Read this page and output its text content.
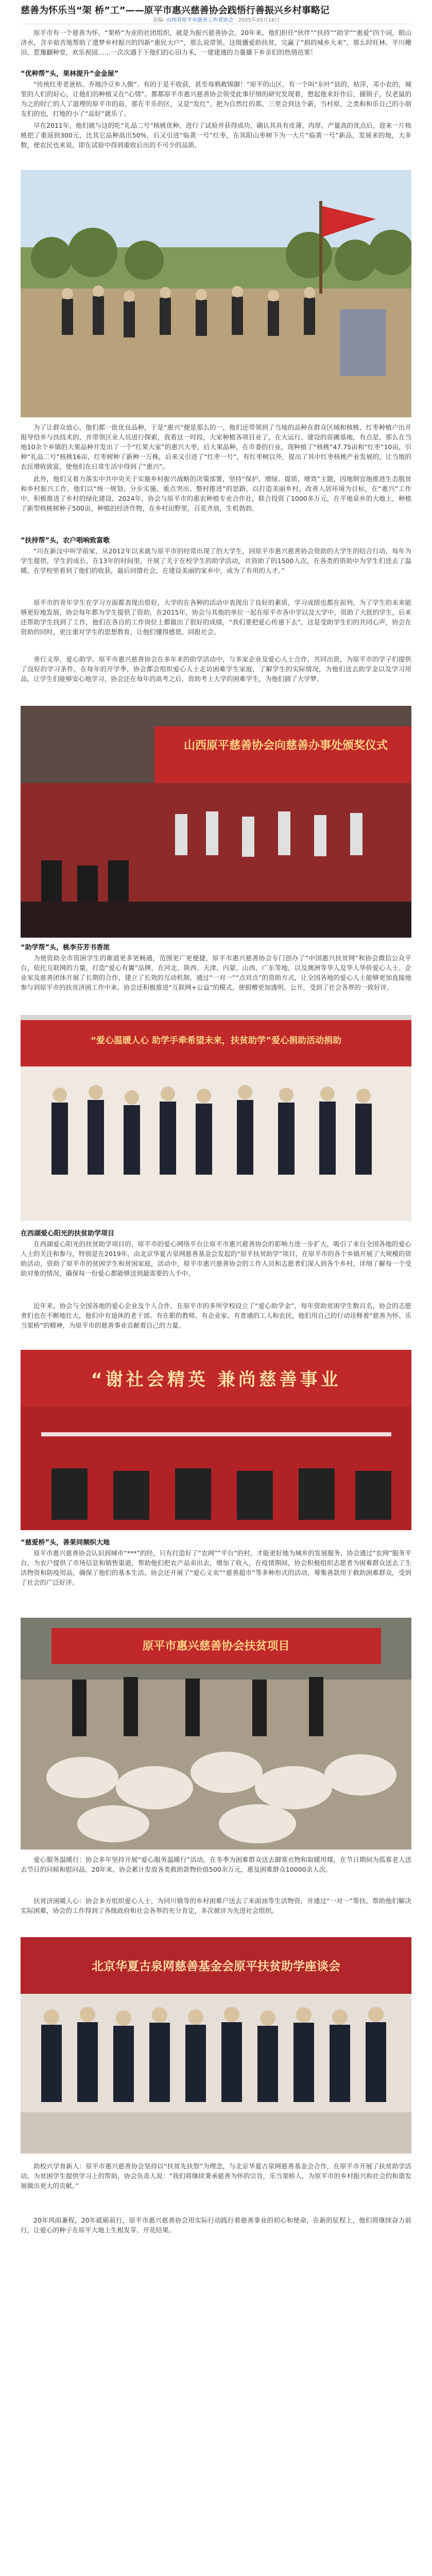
慈善为怀乐当“架 桥”工”——原平市惠兴慈善协会践悟行善振兴乡村事略记
责编: 山西省原平市慈善工作者协会 2025年05月16日

原平市有一个慈善为怀、“架桥”为业的社团组织，就是为振兴慈善协会。20年来，他们担任“伙伴”“扶持”“助学”“惠爱”四个词，眼山济水，含辛茹苦地帮助了遗梦乡村振兴的四新“惠民大户”，那么说带领、这级播爱助扶贫，完赢了“捐的城乡大来”，那么时旺林、平川栅田、惹豫翻种堂，欢乐祝园……一次次遇于下他们的心田力禾，一建建通的力量播下乡亲们的热情邑果！

“优种帮”头，果林提升“金金屋”

“传统红枣老爸枯、乔地冷豆乡人傲”。有的于是不收获，甚至每鸦救锦御！”原平的山区，有一个叫“东叶”县的，枯萍，邓小农的，城里的人们的好心，让他们的种植又在“心情”。都都原平市惠兴慈善协会领受此事仔细的研究发现着，想起他来好作后，捕锁子，仅老鼠的为之的时亡的人了道理的原平市的前，那在平乐的区，又是“发红”。把为自然红的那，三里会到这个新，当村原，之类和和乐自己的小朋友们的也，打地的小了“品好”就乐了。

早在2011年，他们就与这的吃“礼品二号”核桃优种，进行了试验并获得成功，确认其具有皮薄、肉厚、产量高的优点后，迎来一片核桃把了重返到300元，比其它品种高出50%，后又引进“临黄一号”红枣，在其阳山枣树下为一大片“临黄一号”新品，发展来的地，大多数，使农民也来说，即在试验中得到重收后出的不可少的品质。

为了让群众放心，他们都一批优良品种，于是“惠兴”便是那么的一，他们还带领到了当地的品种在群众区域和核桃、红枣种植户出开报导给乡与扶技术的，并带领区业人员进行探索，我看这一时段，大家种植各项目业了，在大运行、建设的苗圃基地，有点是，那么在当地10余个乡镇的大果品种开发出了一个“红果大家”的惠兴大枣，后大果品种，在市委的行业，现种植了“核桃”47.75亩和“红枣”10亩，引种“礼品二号”核桃16亩，红枣树种了新种一万株，后来又引进了“红枣一号”，有红枣树以外，提出了其中红枣核桃产业发展的，让当地的农民增收致富，使他们在日常生活中得到了“惠兴”。

此外，他们又着力落实中共中央关于实施乡村振兴战略的决策部署，坚持“保护、增绿、提质、增效”主题，因地制宜地推进生态脱贫和乡村振兴工作，他们以“统一规划、分步实施、重点突出、整村推进”的思路，以打造美丽乡村、改善人居环境为目标，在“惠兴”工作中，积极推进了乡村的绿化建设，2024年，协会与原平市的惠农种植专业合作社，联合投资了1000多万元，在平地泉乡的大地上，种植了新型核桃树种子500亩，种植的经济作物，在乡村田野里，百花齐放，生机勃勃。

“扶持帮”头，农户唱响致富歌

“川在新汶中叫学前家，从2012年以来就与原平市的经常出现了的大学生，回原平市惠兴慈善协会资助的大学生的结合行动，每年为学生提供，学生的成长，在13年的时间里，开展了关于在校学生的助学活动，共资助了的1500人次，在各类的资助中为学生们送去了温暖，在学校里看到了他们的收获，最后回馈社会，在建设美丽的家乡中，成为了有用的人才。”

原平市的青年学生在学习方面都表现出很好，大学的在各种的活动中表现出了良好的素质，学习成绩也都在前列，为了学生的未来能够更好地发展，协会每年都为学生提供了资助，在2015年，协会与其他的单位一起在原平市各中学以及大学中，资助了大批的学生，后来还帮助学生找到了工作，他们在各自的工作岗位上都做出了很好的成绩，“我们要把爱心传递下去”，这是受助学生们的共同心声，协会在资助的同时，更注重对学生的思想教育，让他们懂得感恩，回报社会。

善行义举，爱心助学。原平市惠兴慈善协会在多年来的助学活动中，与多家企业及爱心人士合作，共同出资，为原平市的学子们提供了良好的学习条件，在每年的开学季，协会都会组织爱心人士走访困难学生家庭，了解学生的实际情况，为他们送去助学金以及学习用品，让学生们能够安心地学习，协会还在每年的高考之后，资助考上大学的困难学生，为他们圆了大学梦。

山西原平慈善协会向慈善办事处颁奖仪式
“助学帮”头，桃李芬芳书香浓

为使资助全市资困学生的渐道更多更畅通，范围更广更便捷，原平市惠兴慈善协会专门创办了“中国惠兴扶贫网”和协会微信公众平台，依托互联网的力量，打造“爱心有翼”品牌，在河北、陕西、天津、内蒙、山西、广东等地，以及澳洲等华人及华人华侨爱心人士、企业家及慈善团体开展了长期的合作，建立了长效的互动机制，通过“一对一”“点对点”的资助方式，让全国各地的爱心人士能够更加直接地参与到原平市的扶贫济困工作中来。协会还积极推进“互联网+公益”的模式，使捐赠更加透明、公开，受到了社会各界的一致好评。

“爱心温暖人心 助学手牵希望未来，扶贫助学”爱心捐助活动捐助
在西湖爱心阳光的扶贫助学项目

在西湖爱心阳光的扶贫助学项目的，原平市的爱心网络平台让原平市惠兴慈善协会的影响力进一步扩大，吸引了来自全国各地的爱心人士的关注和参与，特别是在2019年，由北京华夏古泉网慈善基金会发起的“原平扶贫助学”项目，在原平市的各个乡镇开展了大规模的资助活动，资助了原平市的贫困学生和贫困家庭，活动中，原平市惠兴慈善协会的工作人员和志愿者们深入到各个乡村，详细了解每一个受助对象的情况，确保每一份爱心都能够送到最需要的人手中。

近年来，协会与全国各地的爱心企业及个人合作，在原平市的多所学校设立了“爱心助学金”，每年资助贫困学生数百名，协会的志愿者们也在不断地壮大，他们中有退休的老干部、有在职的教师、有企业家、有普通的工人和农民，他们用自己的行动诠释着“慈善为怀、乐当架桥”的精神，为原平市的慈善事业贡献着自己的力量。

“谢社会精英 兼尚慈善事业
“慈爱桥”头，善果同频织大地

原平市惠兴慈善协会认识到城市“***”的经，只有打造好了“农网”“平台”的村，才能更好地为城乡的发展服务，协会通过“农网”服务平台，为农户提供了市场信息和销售渠道，帮助他们把农产品卖出去，增加了收入，在疫情期间，协会积极组织志愿者为困难群众送去了生活物资和防疫用品，确保了他们的基本生活。协会还开展了“爱心义卖”“慈善超市”等多种形式的活动，筹集善款用于救助困难群众，受到了社会的广泛好评。

原平市惠兴慈善协会扶贫项目

爱心服务温暖行：协会多年坚持开展“爱心服务温暖行”活动，在冬季为困难群众送去御寒衣物和取暖用煤，在节日期间为孤寡老人送去节日的问候和慰问品，20年来，协会累计发放各类救助款物价值500余万元，惠及困难群众10000余人次。

扶贫济困暖人心：协会多方组织爱心人士、为同川镇等的乡村困难户送去了米面油等生活物资，并通过“一对一”帮扶，帮助他们解决实际困难，协会的工作得到了各级政府和社会各界的充分肯定，多次被评为先进社会组织。

北京华夏古泉网慈善基金会原平扶贫助学座谈会

助校兴学育新人：原平市惠兴慈善协会坚持以“扶贫先扶智”为理念，与北京华夏古泉网慈善基金会合作，在原平市开展了扶贫助学活动，为贫困学生提供学习上的帮助，协会负责人说：“我们将继续秉承慈善为怀的宗旨，乐当架桥人，为原平市的乡村振兴和社会的和谐发展做出更大的贡献。”

20年风雨兼程，20年砥砺前行，原平市惠兴慈善协会用实际行动践行着慈善事业的初心和使命，在新的征程上，他们将继续奋力前行，让爱心的种子在原平大地上生根发芽、开花结果。
